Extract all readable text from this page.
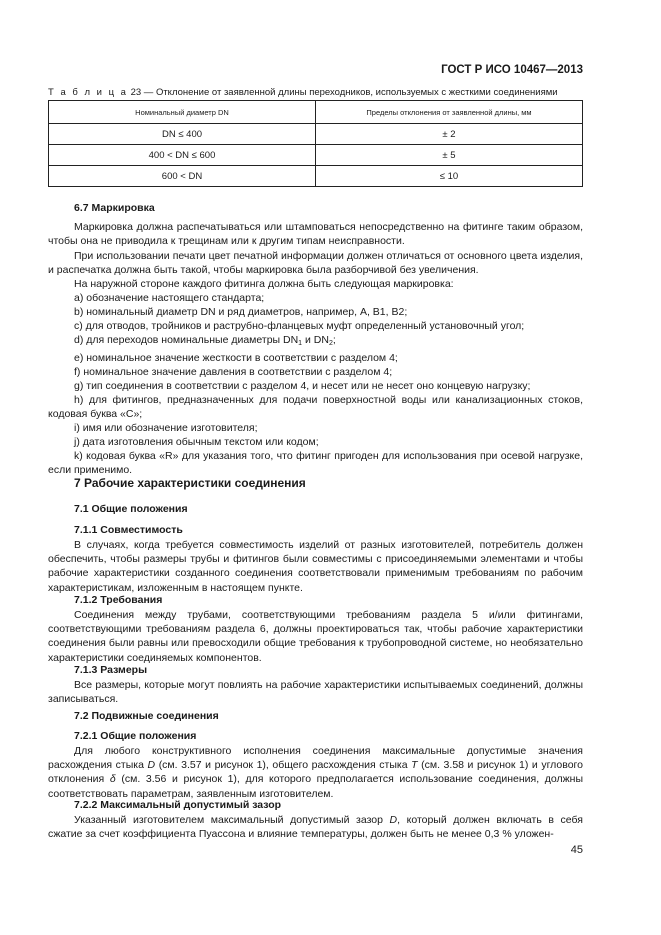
ГОСТ Р ИСО 10467—2013
Т а б л и ц а 23 — Отклонение от заявленной длины переходников, используемых с жесткими соединениями
Номинальный диаметр DN	Пределы отклонения от заявленной длины, мм
DN ≤ 400	± 2
400 < DN ≤ 600	± 5
600 < DN	≤ 10
6.7 Маркировка
Маркировка должна распечатываться или штамповаться непосредственно на фитинге таким образом, чтобы она не приводила к трещинам или к другим типам неисправности.
При использовании печати цвет печатной информации должен отличаться от основного цвета изделия, и распечатка должна быть такой, чтобы маркировка была разборчивой без увеличения.
На наружной стороне каждого фитинга должна быть следующая маркировка:
a) обозначение настоящего стандарта;
b) номинальный диаметр DN и ряд диаметров, например, A, B1, B2;
c) для отводов, тройников и раструбно-фланцевых муфт определенный установочный угол;
d) для переходов номинальные диаметры $DN_1$ и $DN_2$;
e) номинальное значение жесткости в соответствии с разделом 4;
f) номинальное значение давления в соответствии с разделом 4;
g) тип соединения в соответствии с разделом 4, и несет или не несет оно концевую нагрузку;
h) для фитингов, предназначенных для подачи поверхностной воды или канализационных стоков, кодовая буква «C»;
i) имя или обозначение изготовителя;
j) дата изготовления обычным текстом или кодом;
k) кодовая буква «R» для указания того, что фитинг пригоден для использования при осевой нагрузке, если применимо.
7 Рабочие характеристики соединения
7.1 Общие положения
7.1.1 Совместимость
В случаях, когда требуется совместимость изделий от разных изготовителей, потребитель должен обеспечить, чтобы размеры трубы и фитингов были совместимы с присоединяемыми элементами и чтобы рабочие характеристики созданного соединения соответствовали применимым требованиям по рабочим характеристикам, изложенным в настоящем пункте.
7.1.2 Требования
Соединения между трубами, соответствующими требованиям раздела 5 и/или фитингами, соответствующими требованиям раздела 6, должны проектироваться так, чтобы рабочие характеристики соединения были равны или превосходили общие требования к трубопроводной системе, но необязательно характеристики соединяемых компонентов.
7.1.3 Размеры
Все размеры, которые могут повлиять на рабочие характеристики испытываемых соединений, должны записываться.
7.2 Подвижные соединения
7.2.1 Общие положения
Для любого конструктивного исполнения соединения максимальные допустимые значения расхождения стыка D (см. 3.57 и рисунок 1), общего расхождения стыка T (см. 3.58 и рисунок 1) и углового отклонения δ (см. 3.56 и рисунок 1), для которого предполагается использование соединения, должны соответствовать параметрам, заявленным изготовителем.
7.2.2 Максимальный допустимый зазор
Указанный изготовителем максимальный допустимый зазор D, который должен включать в себя сжатие за счет коэффициента Пуассона и влияние температуры, должен быть не менее 0,3 % уложен-
45
